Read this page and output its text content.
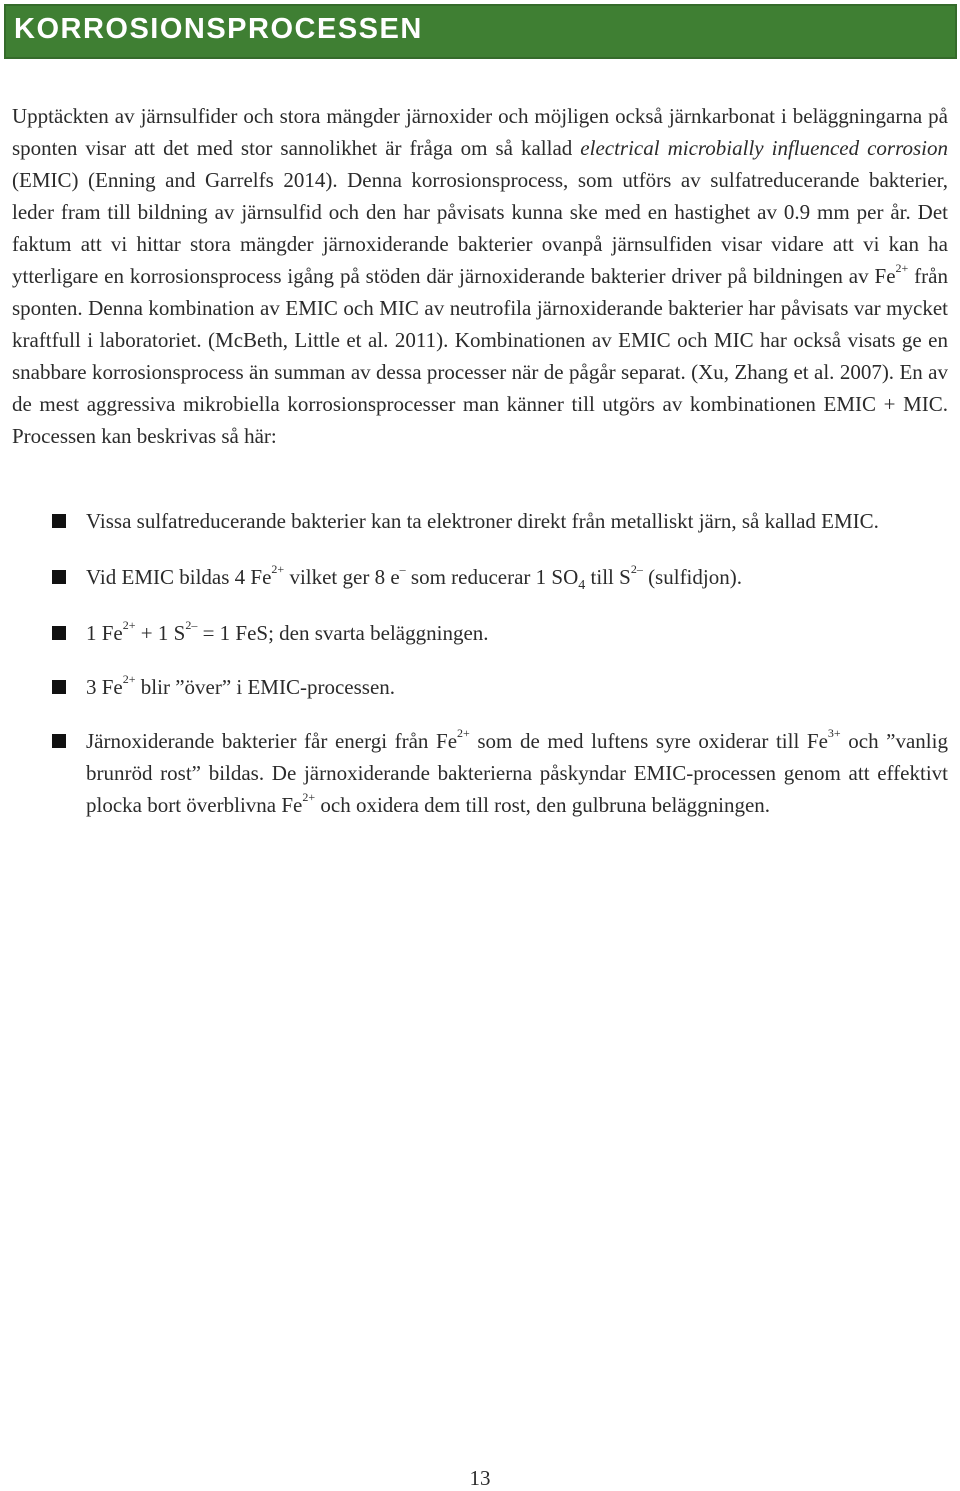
KORROSIONSPROCESSEN

Upptäckten av järnsulfider och stora mängder järnoxider och möjligen också järnkarbonat i beläggningarna på sponten visar att det med stor sannolikhet är fråga om så kallad electrical microbially influenced corrosion (EMIC) (Enning and Garrelfs 2014). Denna korrosionsprocess, som utförs av sulfatreducerande bakterier, leder fram till bildning av järnsulfid och den har påvisats kunna ske med en hastighet av 0.9 mm per år. Det faktum att vi hittar stora mängder järnoxiderande bakterier ovanpå järnsulfiden visar vidare att vi kan ha ytterligare en korrosionsprocess igång på stöden där järnoxiderande bakterier driver på bildningen av $Fe^{2+}$ från sponten. Denna kombination av EMIC och MIC av neutrofila järnoxiderande bakterier har påvisats var mycket kraftfull i laboratoriet. (McBeth, Little et al. 2011). Kombinationen av EMIC och MIC har också visats ge en snabbare korrosionsprocess än summan av dessa processer när de pågår separat. (Xu, Zhang et al. 2007). En av de mest aggressiva mikrobiella korrosionsprocesser man känner till utgörs av kombinationen EMIC + MIC. Processen kan beskrivas så här:

Vissa sulfatreducerande bakterier kan ta elektroner direkt från metalliskt järn, så kallad EMIC.
Vid EMIC bildas 4 $Fe^{2+}$ vilket ger 8 e– som reducerar 1 $SO_4$ till $S^{2-}$ (sulfidjon).
1 $Fe^{2+} + 1$ $S^{2-} = 1$ FeS; den svarta beläggningen.
3 $Fe^{2+}$ blir ”över” i EMIC-processen.
Järnoxiderande bakterier får energi från $Fe^{2+}$ som de med luftens syre oxiderar till $Fe^{3+}$ och ”vanlig brunröd rost” bildas. De järnoxiderande bakterierna påskyndar EMIC-processen genom att effektivt plocka bort överblivna $Fe^{2+}$ och oxidera dem till rost, den gulbruna beläggningen.
13
